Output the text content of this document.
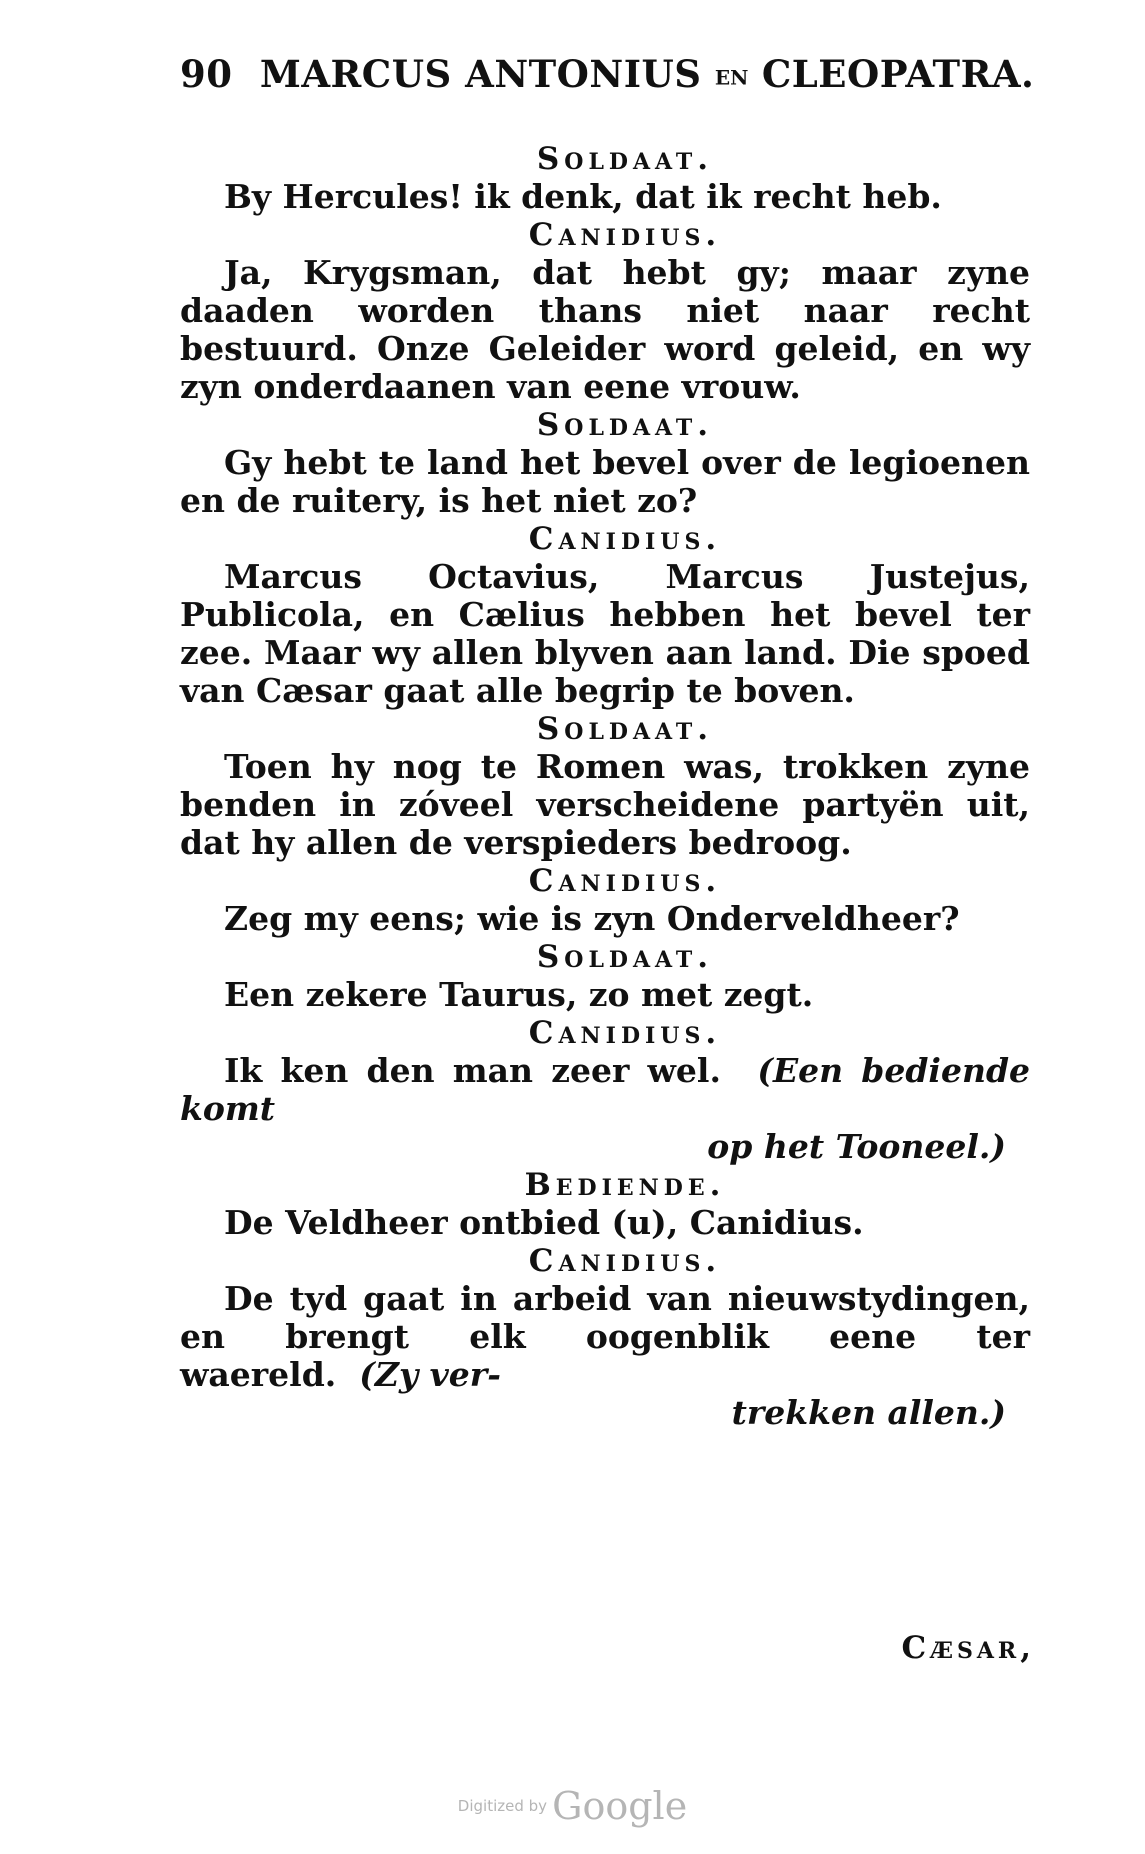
90 MARCUS ANTONIUS EN CLEOPATRA.
Soldaat.

By Hercules! ik denk, dat ik recht heb.

Canidius.

Ja, Krygsman, dat hebt gy; maar zyne daaden worden thans niet naar recht bestuurd. Onze Geleider word geleid, en wy zyn onderdaanen van eene vrouw.

Soldaat.

Gy hebt te land het bevel over de legioenen en de ruitery, is het niet zo?

Canidius.

Marcus Octavius, Marcus Justejus, Publicola, en Cælius hebben het bevel ter zee. Maar wy allen blyven aan land. Die spoed van Cæsar gaat alle begrip te boven.

Soldaat.

Toen hy nog te Romen was, trokken zyne benden in zóveel verscheidene partyën uit, dat hy allen de verspieders bedroog.

Canidius.

Zeg my eens; wie is zyn Onderveldheer?

Soldaat.

Een zekere Taurus, zo met zegt.

Canidius.

Ik ken den man zeer wel. (Een bediende komt

op het Tooneel.)

Bediende.

De Veldheer ontbied (u), Canidius.

Canidius.

De tyd gaat in arbeid van nieuwstydingen, en brengt elk oogenblik eene ter waereld. (Zy ver-

trekken allen.)

Cæsar,
Digitized by Google
